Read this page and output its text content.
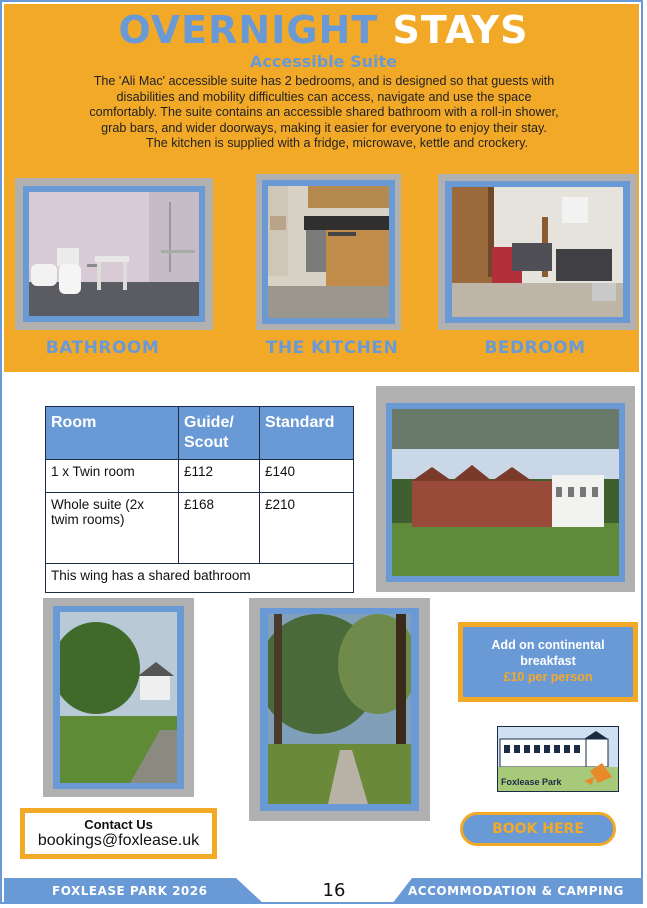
OVERNIGHT STAYS
Accessible Suite
The 'Ali Mac' accessible suite has 2 bedrooms, and is designed so that guests with
disabilities and mobility difficulties can access, navigate and use the space
comfortably. The suite contains an accessible shared bathroom with a roll-in shower,
grab bars, and wider doorways, making it easier for everyone to enjoy their stay.
The kitchen is supplied with a fridge, microwave, kettle and crockery.
BATHROOM	THE KITCHEN	BEDROOM
Room	Guide/ Scout	Standard
1 x Twin room	£112	£140
Whole suite (2x twim rooms)	£168	£210
This wing has a shared bathroom		
Add on continental
breakfast
£10 per person
Foxlease Park
Contact Us
bookings@foxlease.uk
BOOK HERE
FOXLEASE PARK 2026	16	ACCOMMODATION & CAMPING
